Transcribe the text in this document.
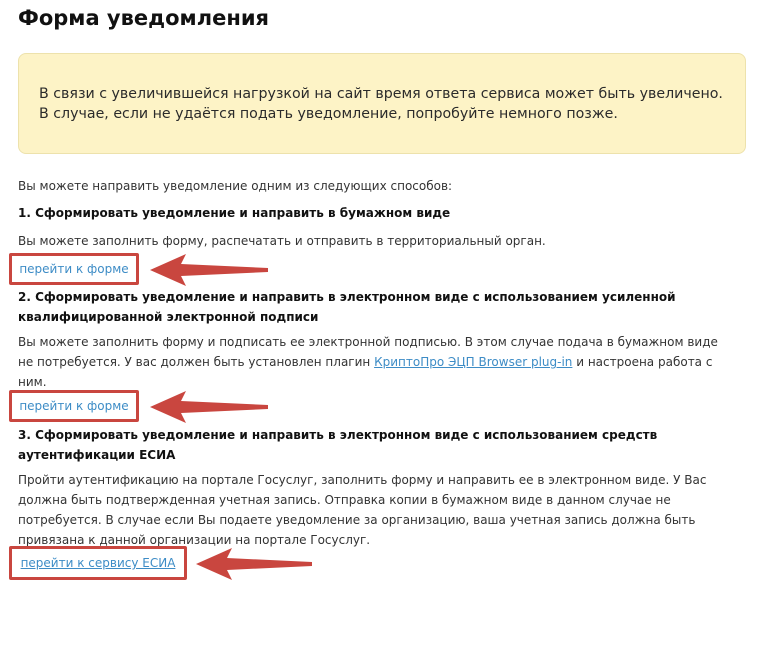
Форма уведомления
В связи с увеличившейся нагрузкой на сайт время ответа сервиса может быть увеличено.
В случае, если не удаётся подать уведомление, попробуйте немного позже.
Вы можете направить уведомление одним из следующих способов:
1. Сформировать уведомление и направить в бумажном виде
Вы можете заполнить форму, распечатать и отправить в территориальный орган.
перейти к форме
2. Сформировать уведомление и направить в электронном виде с использованием усиленной
квалифицированной электронной подписи
Вы можете заполнить форму и подписать ее электронной подписью. В этом случае подача в бумажном виде
не потребуется. У вас должен быть установлен плагин КриптоПро ЭЦП Browser plug-in и настроена работа с
ним.
перейти к форме
3. Сформировать уведомление и направить в электронном виде с использованием средств
аутентификации ЕСИА
Пройти аутентификацию на портале Госуслуг, заполнить форму и направить ее в электронном виде. У Вас
должна быть подтвержденная учетная запись. Отправка копии в бумажном виде в данном случае не
потребуется. В случае если Вы подаете уведомление за организацию, ваша учетная запись должна быть
привязана к данной организации на портале Госуслуг.
перейти к сервису ЕСИА
